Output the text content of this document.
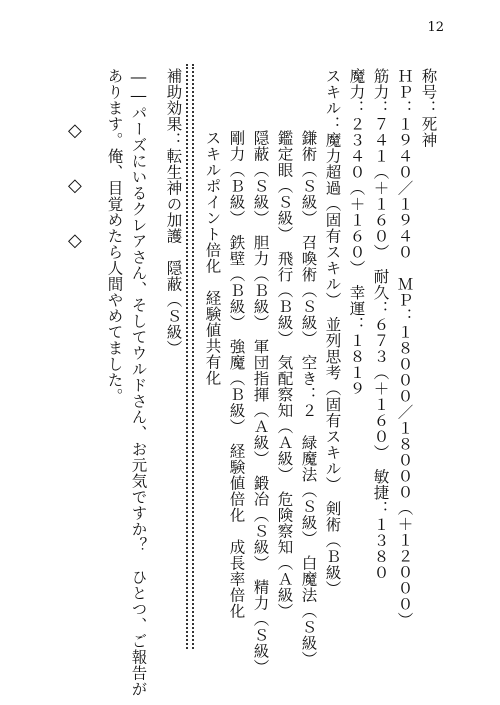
12
称号：死神
ＨＰ：１９４０／１９４０　ＭＰ：１８０００／１８０００（＋１２０００）
筋力：７４１（＋１６０）　耐久：６７３（＋１６０）　敏捷：１３８０
魔力：２３４０（＋１６０）　幸運：１８１９
スキル：魔力超過（固有スキル）　並列思考（固有スキル）　剣術（Ｂ級）
鎌術（Ｓ級）　召喚術（Ｓ級）　空き：２　緑魔法（Ｓ級）　白魔法（Ｓ級）
鑑定眼（Ｓ級）　飛行（Ｂ級）　気配察知（Ａ級）　危険察知（Ａ級）
隠蔽（Ｓ級）　胆力（Ｂ級）　軍団指揮（Ａ級）　鍛冶（Ｓ級）　精力（Ｓ級）
剛力（Ｂ級）　鉄壁（Ｂ級）　強魔（Ｂ級）　経験値倍化　成長率倍化
スキルポイント倍化　経験値共有化
補助効果：転生神の加護　隠蔽（Ｓ級）
――パーズにいるクレアさん、そしてウルドさん、お元気ですか？　ひとつ、ご報告が
あります。俺、目覚めたら人間やめてました。
◇
◇
◇
